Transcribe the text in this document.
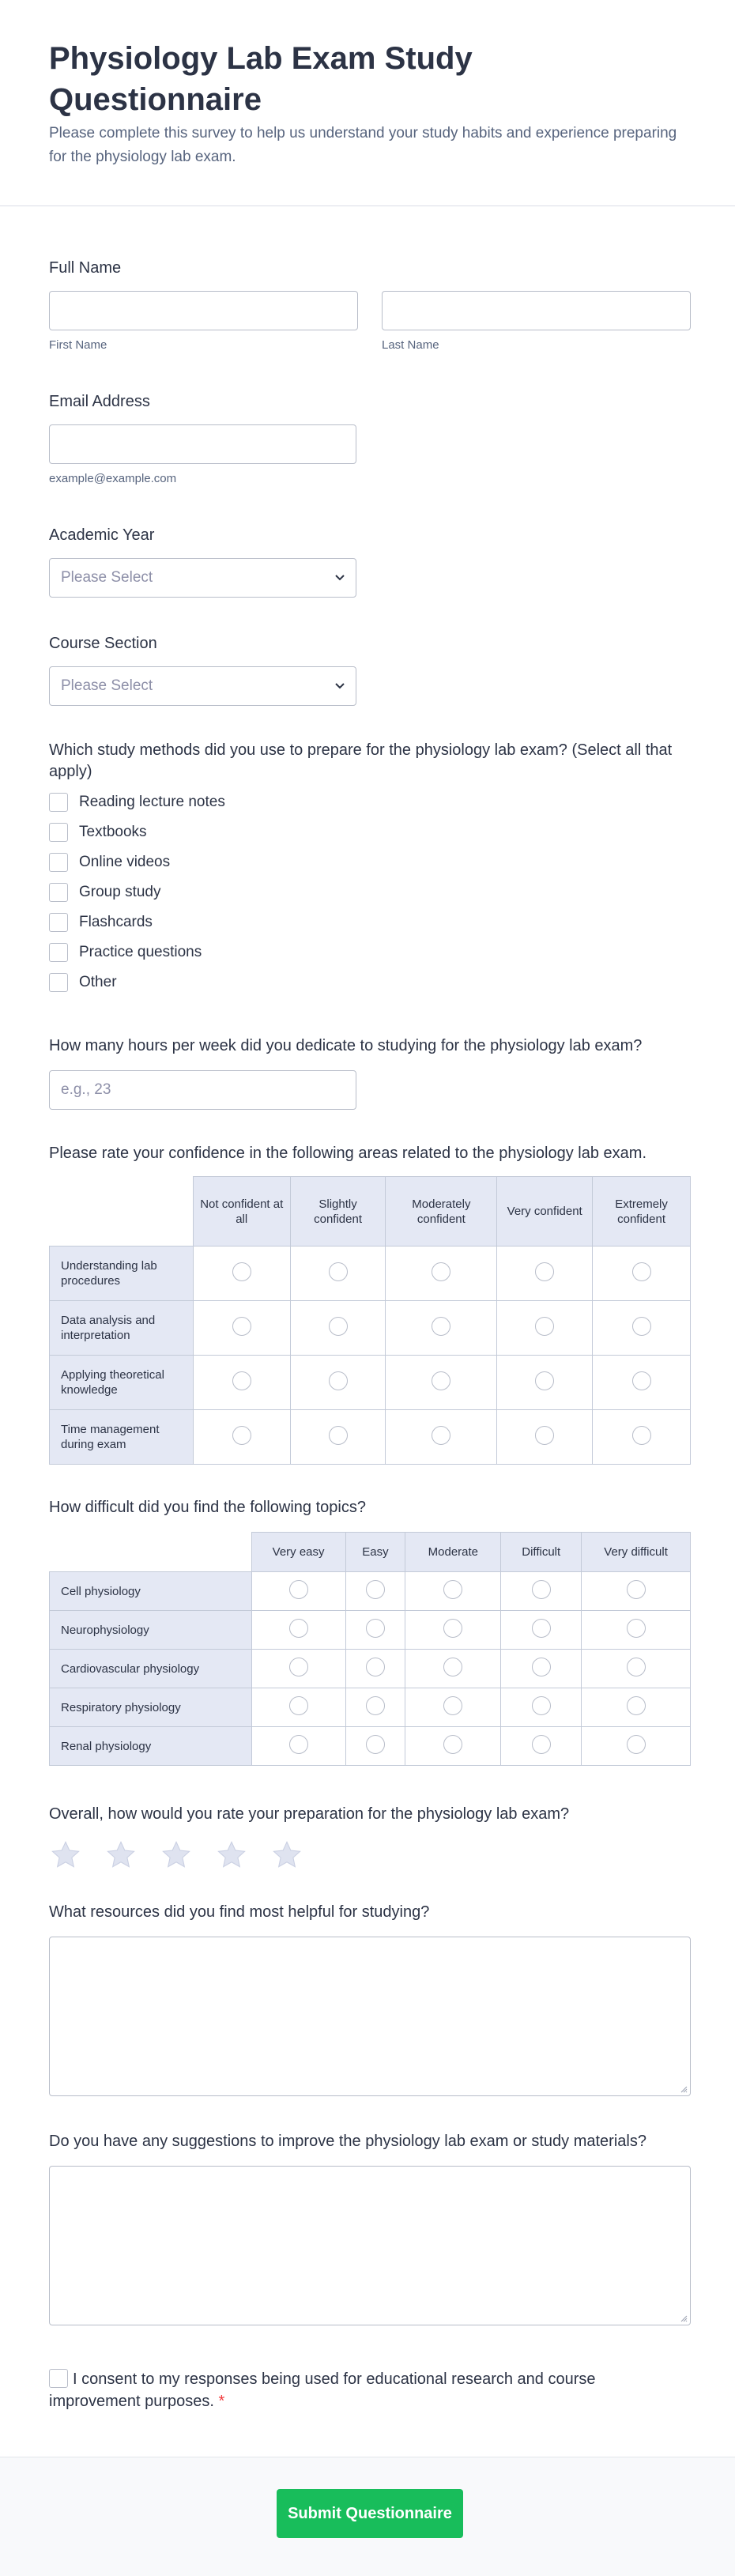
Physiology Lab Exam Study Questionnaire
Please complete this survey to help us understand your study habits and experience preparing for the physiology lab exam.
Full Name
First Name	Last Name
Email Address
example@example.com
Academic Year
Please Select
Course Section
Please Select
Which study methods did you use to prepare for the physiology lab exam? (Select all that apply)
Reading lecture notes
Textbooks
Online videos
Group study
Flashcards
Practice questions
Other
How many hours per week did you dedicate to studying for the physiology lab exam?
e.g., 23
Please rate your confidence in the following areas related to the physiology lab exam.
	Not confident at all	Slightly confident	Moderately confident	Very confident	Extremely confident
Understanding lab procedures					
Data analysis and interpretation					
Applying theoretical knowledge					
Time management during exam					
How difficult did you find the following topics?
	Very easy	Easy	Moderate	Difficult	Very difficult
Cell physiology					
Neurophysiology					
Cardiovascular physiology					
Respiratory physiology					
Renal physiology					
Overall, how would you rate your preparation for the physiology lab exam?
What resources did you find most helpful for studying?
Do you have any suggestions to improve the physiology lab exam or study materials?
I consent to my responses being used for educational research and course improvement purposes. *
Submit Questionnaire
